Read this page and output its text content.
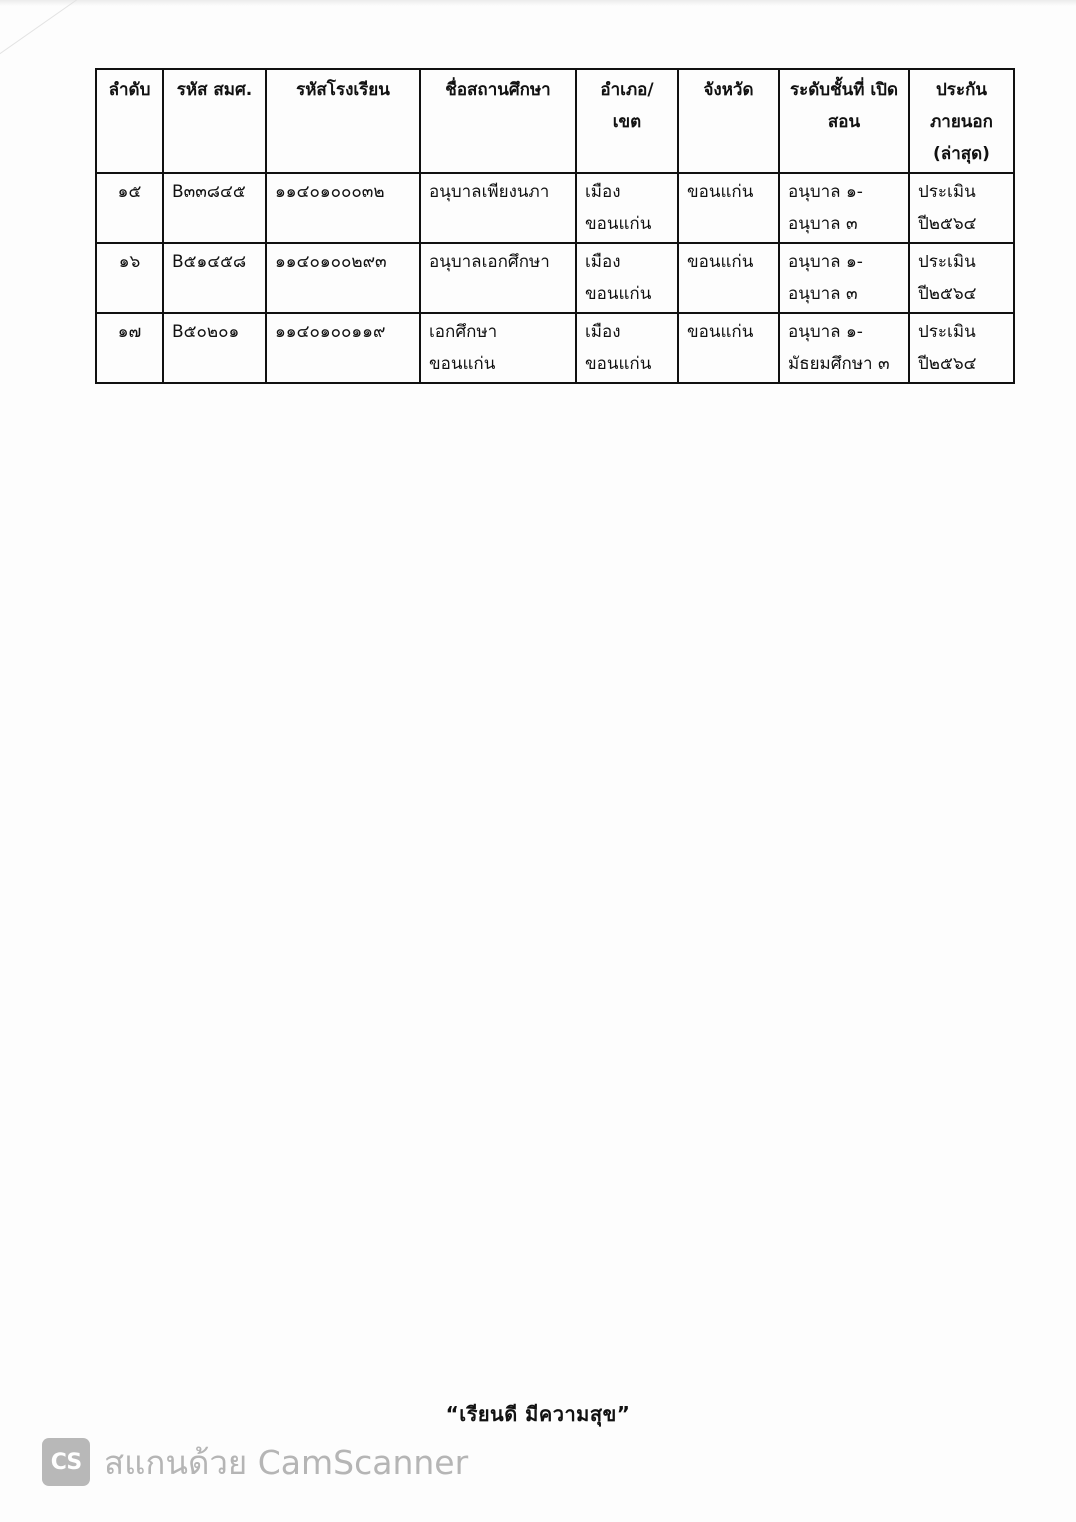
ลำดับ	รหัส สมศ.	รหัสโรงเรียน	ชื่อสถานศึกษา	อำเภอ/ เขต	จังหวัด	ระดับชั้นที่ เปิดสอน	ประกัน ภายนอก (ล่าสุด)
๑๕	B๓๓๘๔๕	๑๑๔๐๑๐๐๐๓๒	อนุบาลเพียงนภา	เมือง ขอนแก่น	ขอนแก่น	อนุบาล ๑- อนุบาล ๓	ประเมิน ปี๒๕๖๔
๑๖	B๕๑๔๕๘	๑๑๔๐๑๐๐๒๙๓	อนุบาลเอกศึกษา	เมือง ขอนแก่น	ขอนแก่น	อนุบาล ๑- อนุบาล ๓	ประเมิน ปี๒๕๖๔
๑๗	B๕๐๒๐๑	๑๑๔๐๑๐๐๑๑๙	เอกศึกษา ขอนแก่น	เมือง ขอนแก่น	ขอนแก่น	อนุบาล ๑- มัธยมศึกษา ๓	ประเมิน ปี๒๕๖๔
“เรียนดี มีความสุข”
CS สแกนด้วย CamScanner
